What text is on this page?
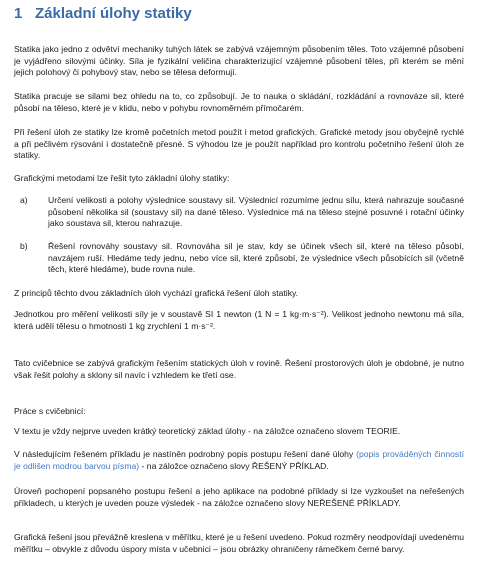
1 Základní úlohy statiky
Statika jako jedno z odvětví mechaniky tuhých látek se zabývá vzájemným působením těles. Toto vzájemné působení je vyjádřeno silovými účinky. Síla je fyzikální veličina charakterizující vzájemné působení těles, při kterém se mění jejich polohový či pohybový stav, nebo se tělesa deformují.
Statika pracuje se silami bez ohledu na to, co způsobují. Je to nauka o skládání, rozkládání a rovnováze sil, které působí na těleso, které je v klidu, nebo v pohybu rovnoměrném přímočarém.
Při řešení úloh ze statiky lze kromě početních metod použít i metod grafických. Grafické metody jsou obyčejně rychlé a při pečlivém rýsování i dostatečně přesné. S výhodou lze je použít například pro kontrolu početního řešení úloh ze statiky.
Grafickými metodami lze řešit tyto základní úlohy statiky:
a) Určení velikosti a polohy výslednice soustavy sil. Výslednicí rozumíme jednu sílu, která nahrazuje současné působení několika sil (soustavy sil) na dané těleso. Výslednice má na těleso stejné posuvné i rotační účinky jako soustava sil, kterou nahrazuje.
b) Řešení rovnováhy soustavy sil. Rovnováha sil je stav, kdy se účinek všech sil, které na těleso působí, navzájem ruší. Hledáme tedy jednu, nebo více sil, které způsobí, že výslednice všech působících sil (včetně těch, které hledáme), bude rovna nule.
Z principů těchto dvou základních úloh vychází grafická řešení úloh statiky.
Jednotkou pro měření velikosti síly je v soustavě SI 1 newton (1 N = 1 kg·m·s⁻²). Velikost jednoho newtonu má síla, která udělí tělesu o hmotnosti 1 kg zrychlení 1 m·s⁻².
Tato cvičebnice se zabývá grafickým řešením statických úloh v rovině. Řešení prostorových úloh je obdobné, je nutno však řešit polohy a sklony sil navíc i vzhledem ke třetí ose.
Práce s cvičebnicí:
V textu je vždy nejprve uveden krátký teoretický základ úlohy - na záložce označeno slovem TEORIE.
V následujícím řešeném příkladu je nastíněn podrobný popis postupu řešení dané úlohy (popis prováděných činností je odlišen modrou barvou písma) - na záložce označeno slovy ŘEŠENÝ PŘÍKLAD.
Úroveň pochopení popsaného postupu řešení a jeho aplikace na podobné příklady si lze vyzkoušet na neřešených příkladech, u kterých je uveden pouze výsledek - na záložce označeno slovy NEŘEŠENÉ PŘÍKLADY.
Grafická řešení jsou převážně kreslena v měřítku, které je u řešení uvedeno. Pokud rozměry neodpovídají uvedenému měřítku – obvykle z důvodu úspory místa v učebnici – jsou obrázky ohraničeny rámečkem černé barvy.
